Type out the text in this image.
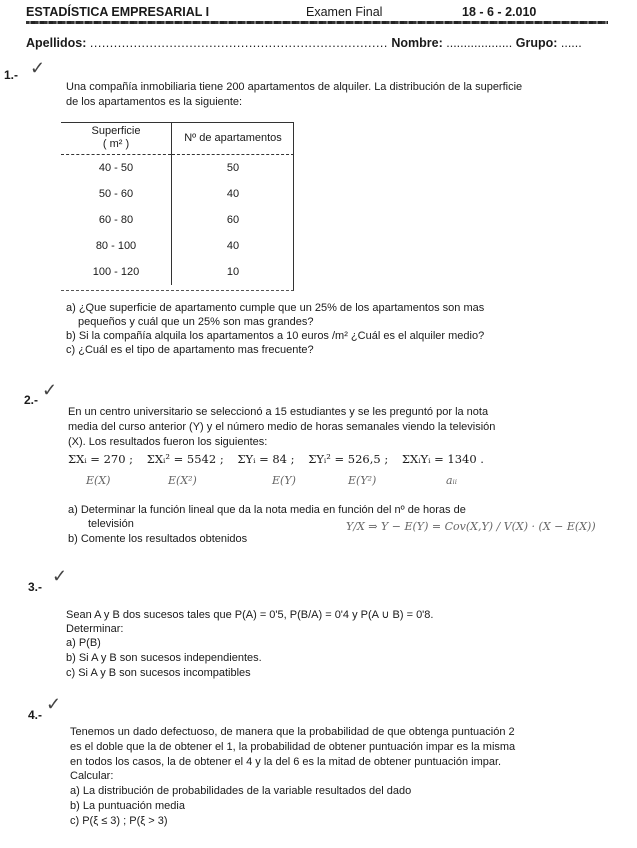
ESTADÍSTICA EMPRESARIAL I	Examen Final	18 - 6 - 2.010
Apellidos: ........................................................................... Nombre: ................... Grupo: ......
1.- ✓
Una compañía inmobiliaria tiene 200 apartamentos de alquiler. La distribución de la superficie
de los apartamentos es la siguiente:
Superficie
( m² )	Nº de apartamentos
40 - 50	50
50 - 60	40
60 - 80	60
80 - 100	40
100 - 120	10
a) ¿Que superficie de apartamento cumple que un 25% de los apartamentos son mas
pequeños y cuál que un 25% son mas grandes?
b) Si la compañía alquila los apartamentos a 10 euros /m² ¿Cuál es el alquiler medio?
c) ¿Cuál es el tipo de apartamento mas frecuente?
2.- ✓
En un centro universitario se seleccionó a 15 estudiantes y se les preguntó por la nota
media del curso anterior (Y) y el número medio de horas semanales viendo la televisión
(X). Los resultados fueron los siguientes:
ΣXᵢ = 270 ; ΣXᵢ² = 5542 ; ΣYᵢ = 84 ; ΣYᵢ² = 526,5 ; ΣXᵢYᵢ = 1340 .
E(X)	E(X²)	E(Y)	E(Y²)	aᵢᵢ
a) Determinar la función lineal que da la nota media en función del nº de horas de
televisión
b) Comente los resultados obtenidos
Y/X ⇒ Y − E(Y) = Cov(X,Y) / V(X) · (X − E(X))
3.- ✓
Sean A y B dos sucesos tales que P(A) = 0'5, P(B/A) = 0'4 y P(A ∪ B) = 0'8.
Determinar:
a) P(B)
b) Si A y B son sucesos independientes.
c) Si A y B son sucesos incompatibles
4.- ✓
Tenemos un dado defectuoso, de manera que la probabilidad de que obtenga puntuación 2
es el doble que la de obtener el 1, la probabilidad de obtener puntuación impar es la misma
en todos los casos, la de obtener el 4 y la del 6 es la mitad de obtener puntuación impar.
Calcular:
a) La distribución de probabilidades de la variable resultados del dado
b) La puntuación media
c) P(ξ ≤ 3) ; P(ξ > 3)
